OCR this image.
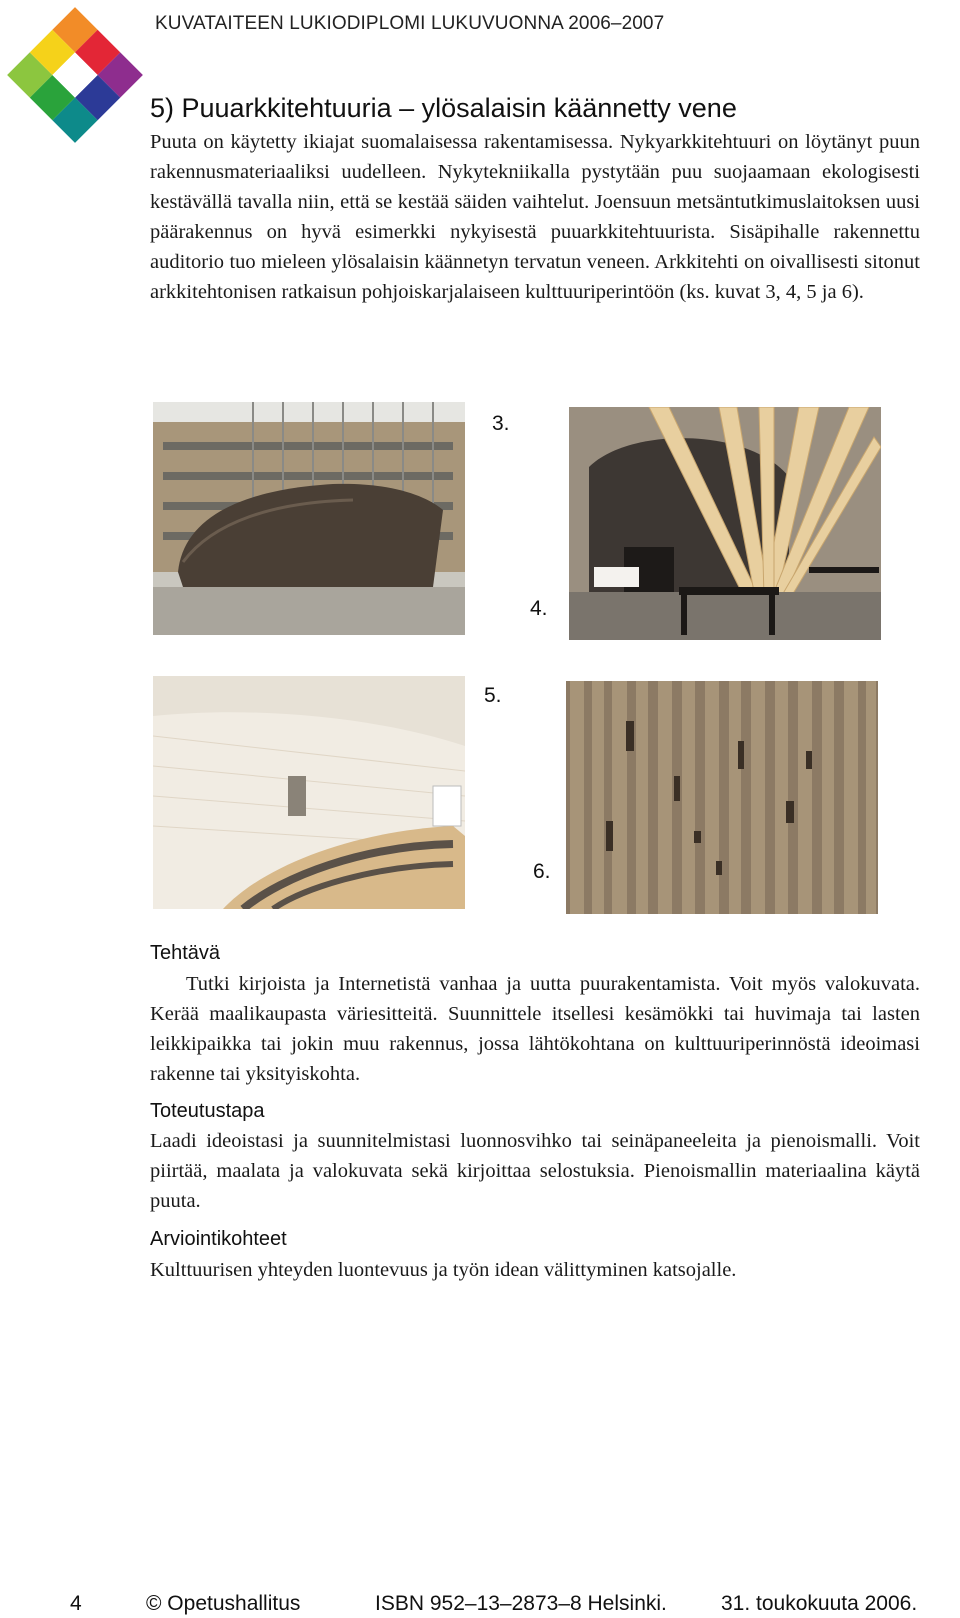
KUVATAITEEN LUKIODIPLOMI LUKUVUONNA 2006–2007
5) Puuarkkitehtuuria – ylösalaisin käännetty vene

Puuta on käytetty ikiajat suomalaisessa rakentamisessa. Nykyarkkitehtuuri on löytänyt puun rakennusmateriaaliksi uudelleen. Nykytekniikalla pystytään puu suojaamaan ekologisesti kestävällä tavalla niin, että se kestää säiden vaihtelut. Joensuun metsäntutkimuslaitoksen uusi päärakennus on hyvä esimerkki nykyisestä puuarkkitehtuurista. Sisäpihalle rakennettu auditorio tuo mieleen ylösalaisin käännetyn tervatun veneen. Arkkitehti on oivallisesti sitonut arkkitehtonisen ratkaisun pohjoiskarjalaiseen kulttuuriperintöön (ks. kuvat 3, 4, 5 ja 6).

3.
4.
5.
6.
Tehtävä

Tutki kirjoista ja Internetistä vanhaa ja uutta puurakentamista. Voit myös valokuvata. Kerää maalikaupasta väriesitteitä. Suunnittele itsellesi kesämökki tai huvimaja tai lasten leikkipaikka tai jokin muu rakennus, jossa lähtökohtana on kulttuuriperinnöstä ideoimasi rakenne tai yksityiskohta.

Toteutustapa

Laadi ideoistasi ja suunnitelmistasi luonnosvihko tai seinäpaneeleita ja pienoismalli. Voit piirtää, maalata ja valokuvata sekä kirjoittaa selostuksia. Pienoismallin materiaalina käytä puuta.

Arviointikohteet

Kulttuurisen yhteyden luontevuus ja työn idean välittyminen katsojalle.

4	© Opetushallitus	ISBN 952–13–2873–8 Helsinki.	31. toukokuuta 2006.
